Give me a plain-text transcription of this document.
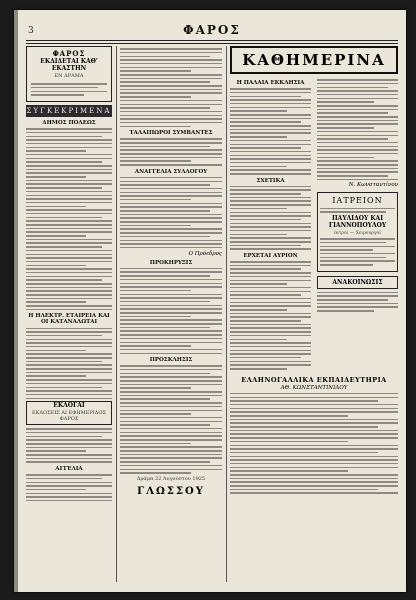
3	ΦΑΡΟΣ
ΦΑΡΟΣ
ΕΚΔΙΔΕΤΑΙ ΚΑΘ' ΕΚΑΣΤΗΝ
ΕΝ ΔΡΑΜΑ
ΣΥΓΚΕΚΡΙΜΕΝΑ
ΔΗΜΟΣ ΠΟΛΕΩΣ
Η ΗΛΕΚΤΡ. ΕΤΑΙΡΕΙΑ ΚΑΙ ΟΙ ΚΑΤΑΝΑΛΩΤΑΙ
ΕΚΛΟΓΑΙ
ΕΚΔΟΣΕΙΣ ΑΙ ΕΦΗΜΕΡΙΔΟΣ ΦΑΡΟΣ
ΑΓΓΕΛΙΑ
ΤΑΛΑΙΠΩΡΟΙ ΣΥΜΒΑΝΤΕΣ
ΑΝΑΓΓΕΛΙΑ ΣΥΛΛΟΓΟΥ
Ο Πρόεδρος
ΠΡΟΚΗΡΥΞΙΣ
ΠΡΟΣΚΛΗΣΙΣ
Δράμα 22 Αυγούστου 1925
ΓΛΩΣΣΟΥ
ΚΑΘΗΜΕΡΙΝΑ
Η ΠΑΛΑΙΑ ΕΚΚΛΗΣΙΑ
ΣΧΕΤΙΚΑ
ΕΡΧΕΤΑΙ ΑΥΡΙΟΝ
Ν. Κωνσταντίνου
ΙΑΤΡΕΙΟΝ
ΠΑΥΛΙΔΟΥ ΚΑΙ ΓΙΑΝΝΟΠΟΥΛΟΥ
Ιατροί — Χειρουργοί
ΑΝΑΚΟΙΝΩΣΙΣ
ΕΛΛΗΝΟΓΑΛΛΙΚΑ ΕΚΠΑΙΔΕΥΤΗΡΙΑ
ΑΘ. ΚΩΝΣΤΑΝΤΙΝΙΔΟΥ
